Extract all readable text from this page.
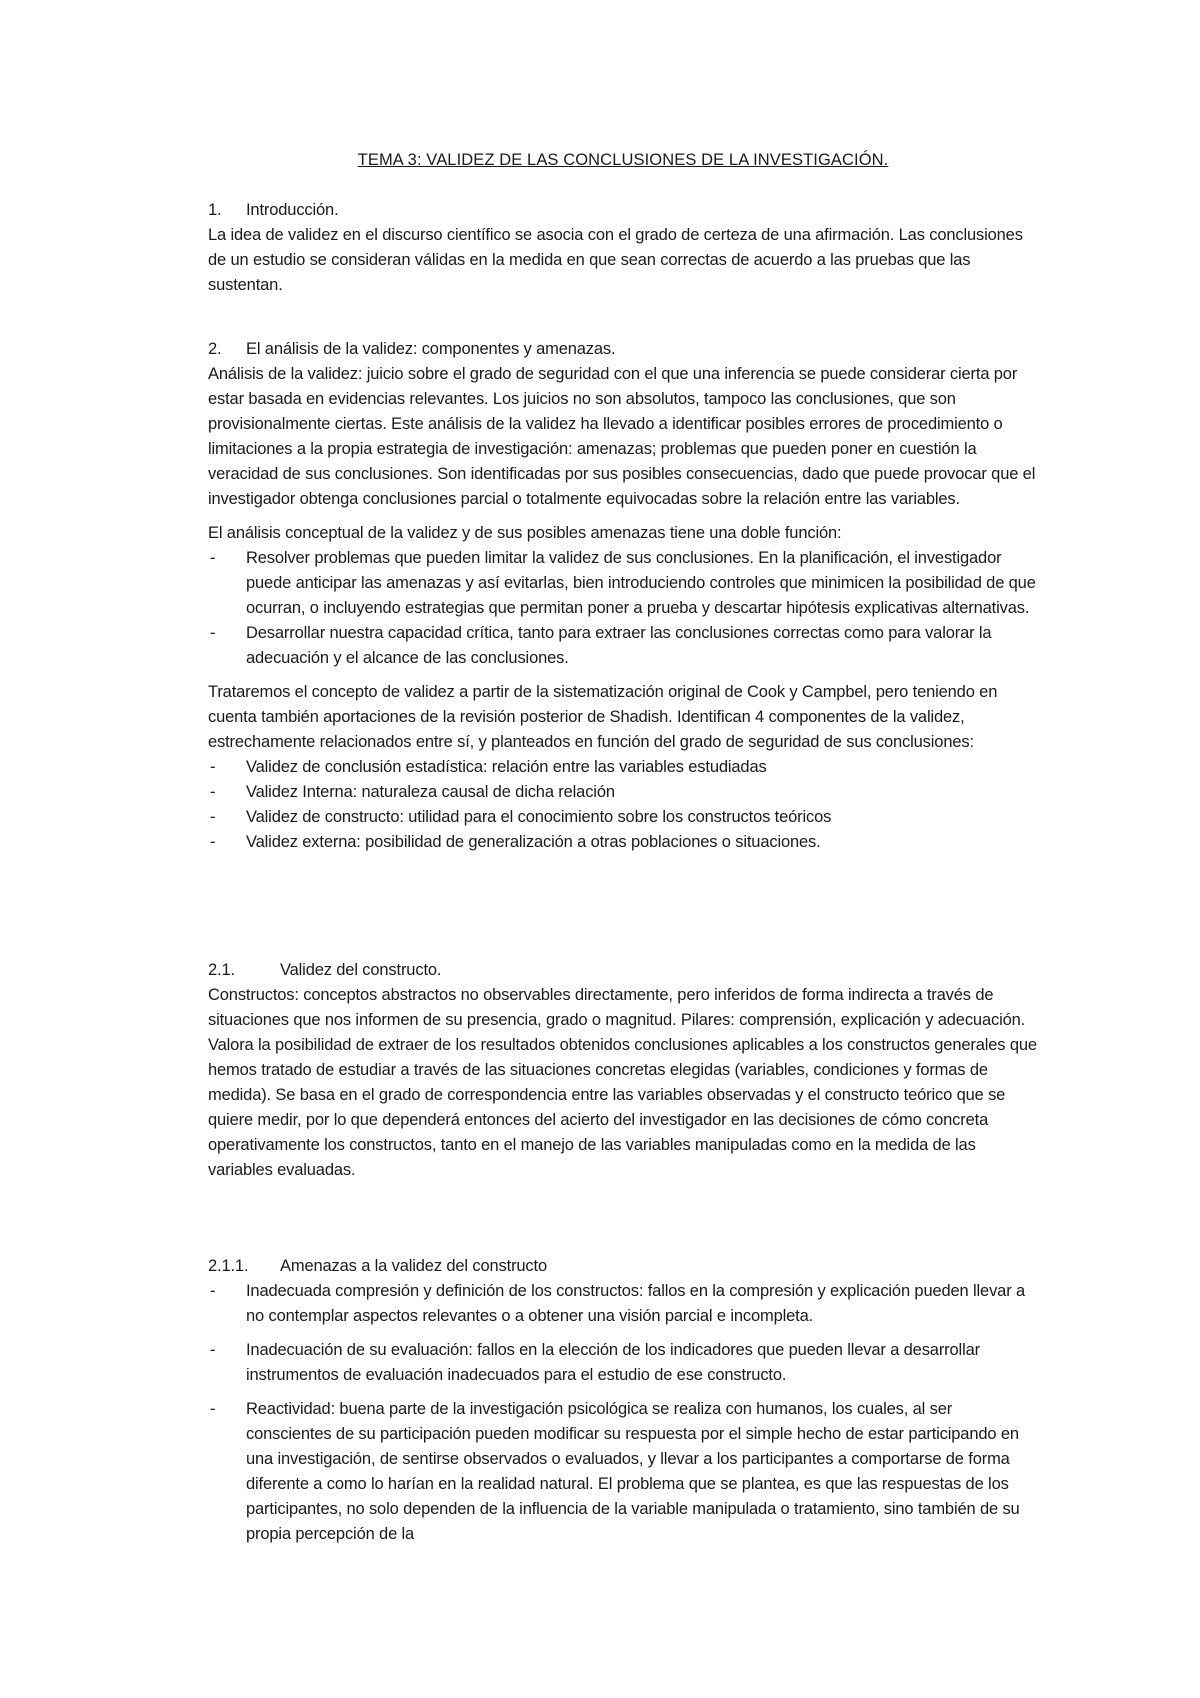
TEMA 3: VALIDEZ DE LAS CONCLUSIONES DE LA INVESTIGACIÓN.
1. Introducción.
La idea de validez en el discurso científico se asocia con el grado de certeza de una afirmación. Las conclusiones de un estudio se consideran válidas en la medida en que sean correctas de acuerdo a las pruebas que las sustentan.
2. El análisis de la validez: componentes y amenazas.
Análisis de la validez: juicio sobre el grado de seguridad con el que una inferencia se puede considerar cierta por estar basada en evidencias relevantes. Los juicios no son absolutos, tampoco las conclusiones, que son provisionalmente ciertas. Este análisis de la validez ha llevado a identificar posibles errores de procedimiento o limitaciones a la propia estrategia de investigación: amenazas; problemas que pueden poner en cuestión la veracidad de sus conclusiones. Son identificadas por sus posibles consecuencias, dado que puede provocar que el investigador obtenga conclusiones parcial o totalmente equivocadas sobre la relación entre las variables.
El análisis conceptual de la validez y de sus posibles amenazas tiene una doble función:
- Resolver problemas que pueden limitar la validez de sus conclusiones. En la planificación, el investigador puede anticipar las amenazas y así evitarlas, bien introduciendo controles que minimicen la posibilidad de que ocurran, o incluyendo estrategias que permitan poner a prueba y descartar hipótesis explicativas alternativas.
- Desarrollar nuestra capacidad crítica, tanto para extraer las conclusiones correctas como para valorar la adecuación y el alcance de las conclusiones.
Trataremos el concepto de validez a partir de la sistematización original de Cook y Campbel, pero teniendo en cuenta también aportaciones de la revisión posterior de Shadish. Identifican 4 componentes de la validez, estrechamente relacionados entre sí, y planteados en función del grado de seguridad de sus conclusiones:
- Validez de conclusión estadística: relación entre las variables estudiadas
- Validez Interna: naturaleza causal de dicha relación
- Validez de constructo: utilidad para el conocimiento sobre los constructos teóricos
- Validez externa: posibilidad de generalización a otras poblaciones o situaciones.
2.1.	Validez del constructo.
Constructos: conceptos abstractos no observables directamente, pero inferidos de forma indirecta a través de situaciones que nos informen de su presencia, grado o magnitud. Pilares: comprensión, explicación y adecuación. Valora la posibilidad de extraer de los resultados obtenidos conclusiones aplicables a los constructos generales que hemos tratado de estudiar a través de las situaciones concretas elegidas (variables, condiciones y formas de medida). Se basa en el grado de correspondencia entre las variables observadas y el constructo teórico que se quiere medir, por lo que dependerá entonces del acierto del investigador en las decisiones de cómo concreta operativamente los constructos, tanto en el manejo de las variables manipuladas como en la medida de las variables evaluadas.
2.1.1. Amenazas a la validez del constructo
- Inadecuada compresión y definición de los constructos: fallos en la compresión y explicación pueden llevar a no contemplar aspectos relevantes o a obtener una visión parcial e incompleta.
- Inadecuación de su evaluación: fallos en la elección de los indicadores que pueden llevar a desarrollar instrumentos de evaluación inadecuados para el estudio de ese constructo.
- Reactividad: buena parte de la investigación psicológica se realiza con humanos, los cuales, al ser conscientes de su participación pueden modificar su respuesta por el simple hecho de estar participando en una investigación, de sentirse observados o evaluados, y llevar a los participantes a comportarse de forma diferente a como lo harían en la realidad natural. El problema que se plantea, es que las respuestas de los participantes, no solo dependen de la influencia de la variable manipulada o tratamiento, sino también de su propia percepción de la
